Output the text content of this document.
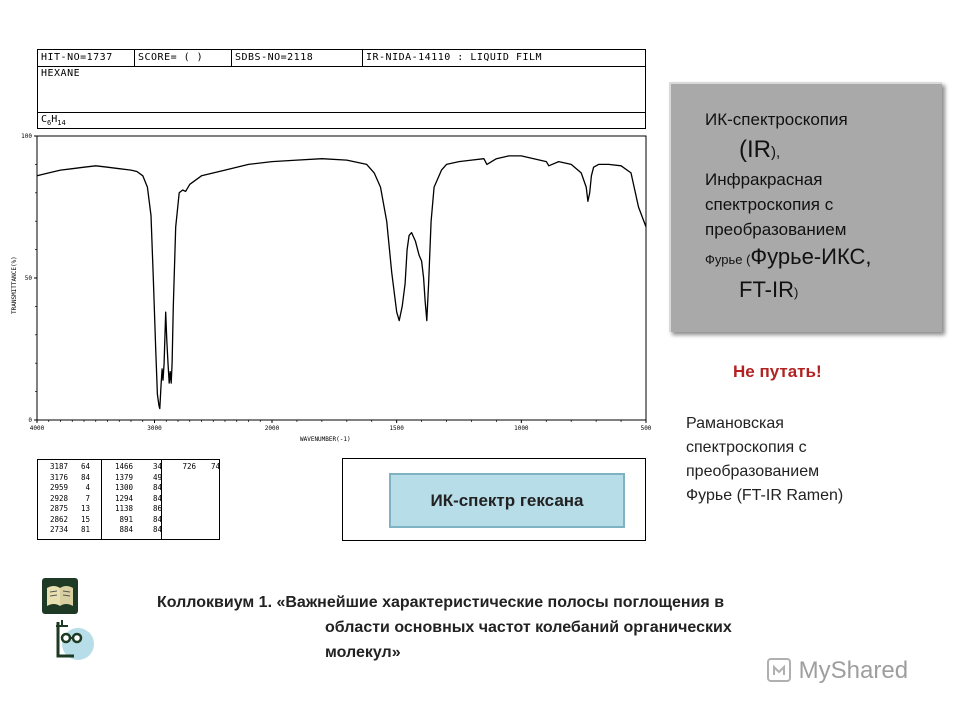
HIT-NO=1737	SCORE= ( )	SDBS-NO=2118	IR-NIDA-14110 : LIQUID FILM
HEXANE
$C_6H_{14}$
4000	3000	2000	1500	1000	500
100
50
0
WAVENUMBER(-1)
TRANSMITTANCE(%)
3187	64
3176	84
2959	4
2928	7
2875	13
2862	15
2734	81
1466	34
1379	49
1300	84
1294	84
1138	86
891	84
884	84
726	74
ИК-спектр гексана
ИК-спектроскопия
(IR),
Инфракрасная
спектроскопия с
преобразованием
Фурье (Фурье-ИКС,
FT-IR)
Не путать!
Рамановская
спектроскопия с
преобразованием
Фурье (FT-IR Ramen)
Коллоквиум 1. «Важнейшие характеристические полосы поглощения в
области основных частот колебаний органических
молекул»
MyShared
